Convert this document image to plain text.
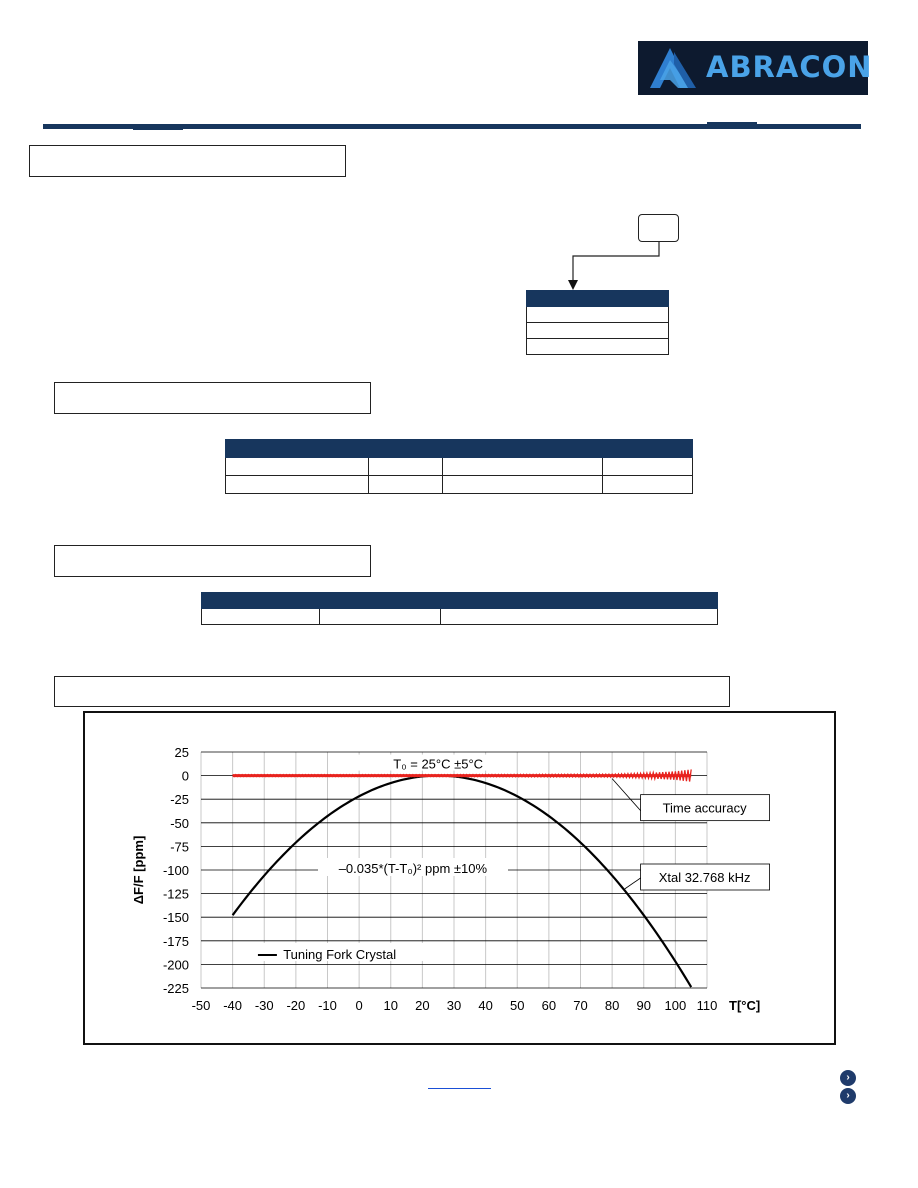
ABRACON

-50 -40 -30 -20 -10 0 10 20 30 40 50 60 70 80 90 100 110
25
0
-25
-50
-75
-100
-125
-150
-175
-200
-225
T₀ = 25°C ±5°C
–0.035*(T-T₀)² ppm ±10%
Tuning Fork Crystal
Time accuracy
Xtal 32.768 kHz
ΔF/F [ppm]
T[°C]
›
›
